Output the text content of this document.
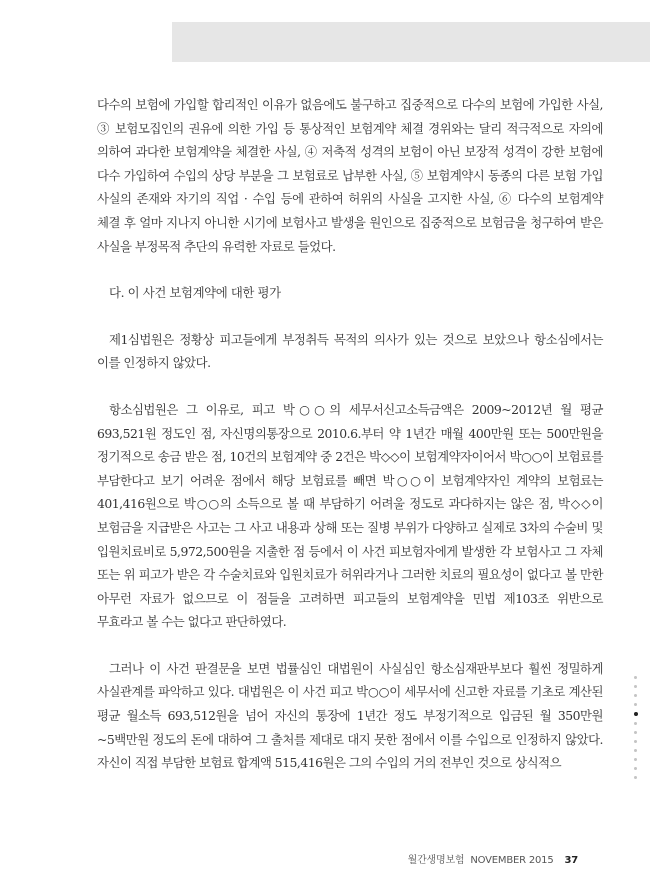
다수의 보험에 가입할 합리적인 이유가 없음에도 불구하고 집중적으로 다수의 보험에 가입한 사실, ③ 보험모집인의 권유에 의한 가입 등 통상적인 보험계약 체결 경위와는 달리 적극적으로 자의에 의하여 과다한 보험계약을 체결한 사실, ④ 저축적 성격의 보험이 아닌 보장적 성격이 강한 보험에 다수 가입하여 수입의 상당 부분을 그 보험료로 납부한 사실, ⑤ 보험계약시 동종의 다른 보험 가입 사실의 존재와 자기의 직업 · 수입 등에 관하여 허위의 사실을 고지한 사실, ⑥ 다수의 보험계약 체결 후 얼마 지나지 아니한 시기에 보험사고 발생을 원인으로 집중적으로 보험금을 청구하여 받은 사실을 부정목적 추단의 유력한 자료로 들었다.

다. 이 사건 보험계약에 대한 평가

제1심법원은 정황상 피고들에게 부정취득 목적의 의사가 있는 것으로 보았으나 항소심에서는 이를 인정하지 않았다.

항소심법원은 그 이유로, 피고 박○○의 세무서신고소득금액은 2009~2012년 월 평균 693,521원 정도인 점, 자신명의통장으로 2010.6.부터 약 1년간 매월 400만원 또는 500만원을 정기적으로 송금 받은 점, 10건의 보험계약 중 2건은 박◇◇이 보험계약자이어서 박○○이 보험료를 부담한다고 보기 어려운 점에서 해당 보험료를 빼면 박○○이 보험계약자인 계약의 보험료는 401,416원으로 박○○의 소득으로 볼 때 부담하기 어려울 정도로 과다하지는 않은 점, 박◇◇이 보험금을 지급받은 사고는 그 사고 내용과 상해 또는 질병 부위가 다양하고 실제로 3차의 수술비 및 입원치료비로 5,972,500원을 지출한 점 등에서 이 사건 피보험자에게 발생한 각 보험사고 그 자체 또는 위 피고가 받은 각 수술치료와 입원치료가 허위라거나 그러한 치료의 필요성이 없다고 볼 만한 아무런 자료가 없으므로 이 점들을 고려하면 피고들의 보험계약을 민법 제103조 위반으로 무효라고 볼 수는 없다고 판단하였다.

그러나 이 사건 판결문을 보면 법률심인 대법원이 사실심인 항소심재판부보다 훨씬 정밀하게 사실관계를 파악하고 있다. 대법원은 이 사건 피고 박○○이 세무서에 신고한 자료를 기초로 계산된 평균 월소득 693,512원을 넘어 자신의 통장에 1년간 정도 부정기적으로 입금된 월 350만원~5백만원 정도의 돈에 대하여 그 출처를 제대로 대지 못한 점에서 이를 수입으로 인정하지 않았다. 자신이 직접 부담한 보험료 합계액 515,416원은 그의 수입의 거의 전부인 것으로 상식적으

월간생명보험 NOVEMBER 2015 37
